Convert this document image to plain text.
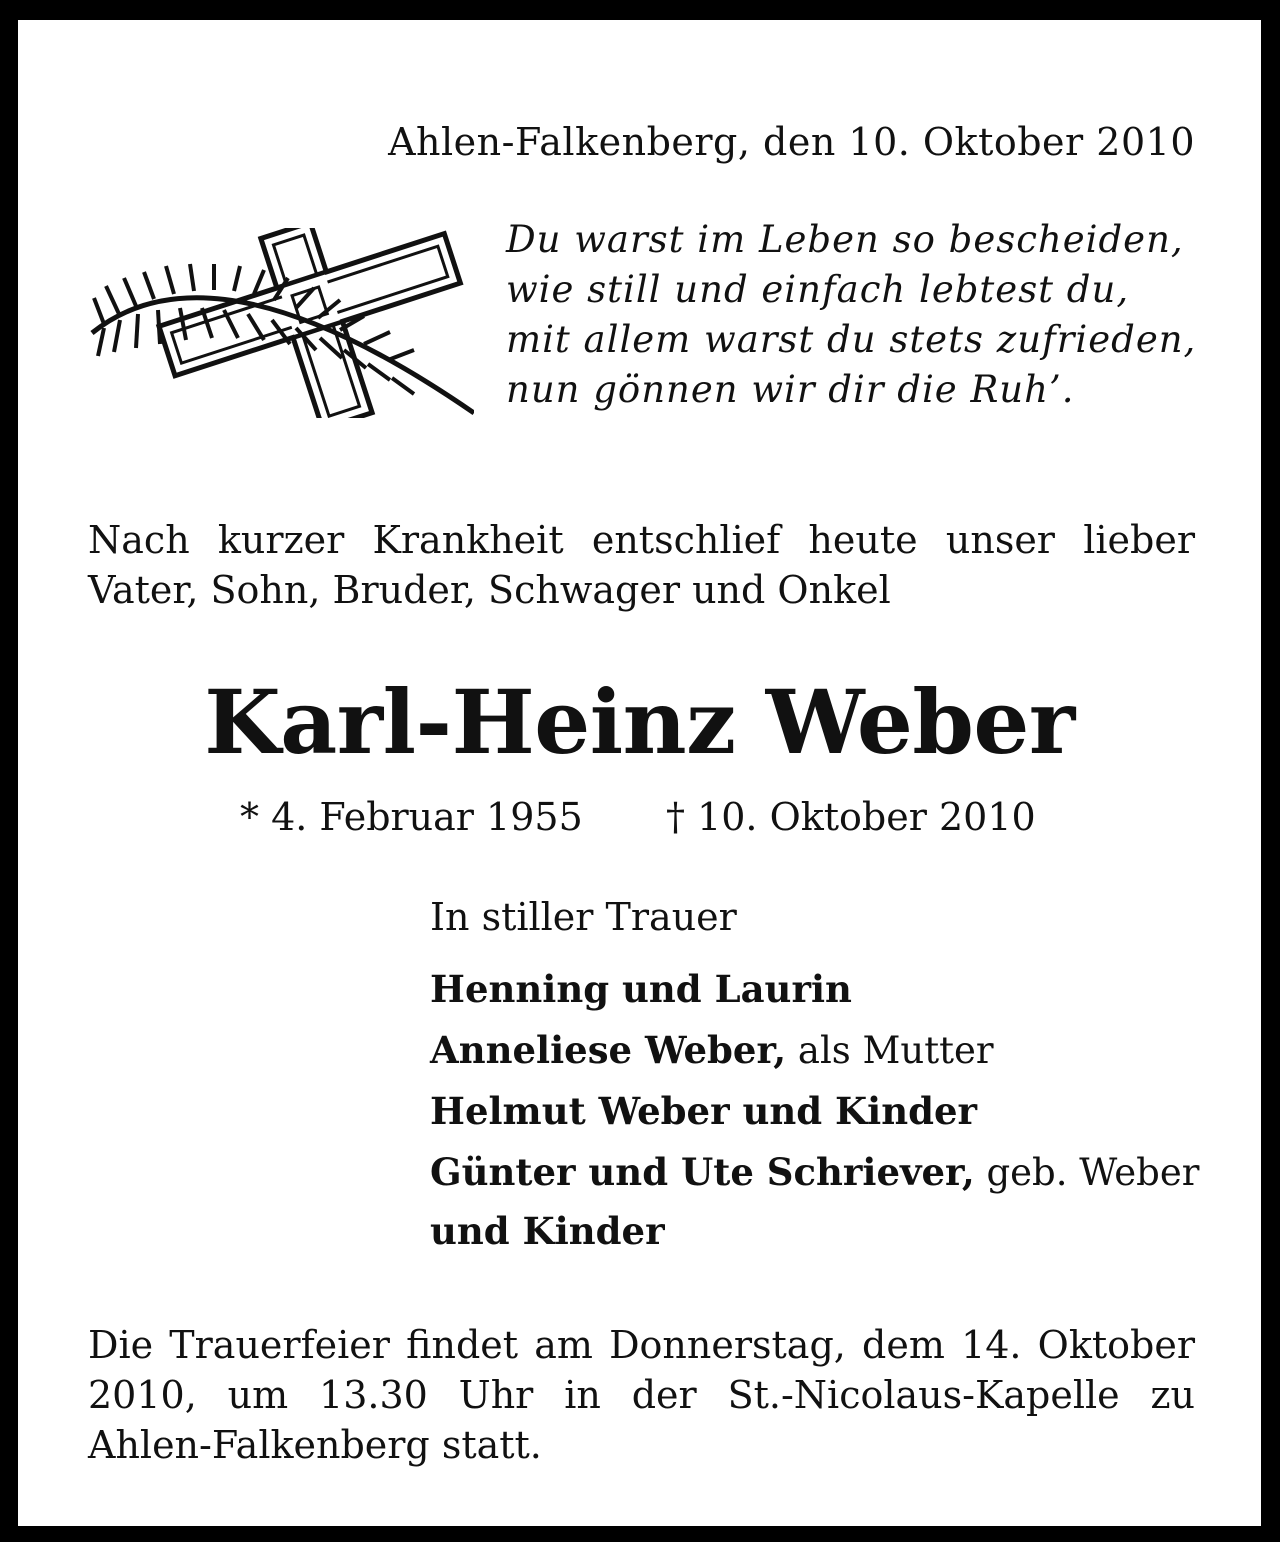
Ahlen-Falkenberg, den 10. Oktober 2010
Du warst im Leben so bescheiden,
wie still und einfach lebtest du,
mit allem warst du stets zufrieden,
nun gönnen wir dir die Ruh’.
Nach kurzer Krankheit entschlief heute unser lieber
Vater, Sohn, Bruder, Schwager und Onkel
Karl-Heinz Weber
* 4. Februar 1955 † 10. Oktober 2010
In stiller Trauer
Henning und Laurin
Anneliese Weber, als Mutter
Helmut Weber und Kinder
Günter und Ute Schriever, geb. Weber
und Kinder
Die Trauerfeier findet am Donnerstag, dem 14. Oktober
2010, um 13.30 Uhr in der St.-Nicolaus-Kapelle zu
Ahlen-Falkenberg statt.
